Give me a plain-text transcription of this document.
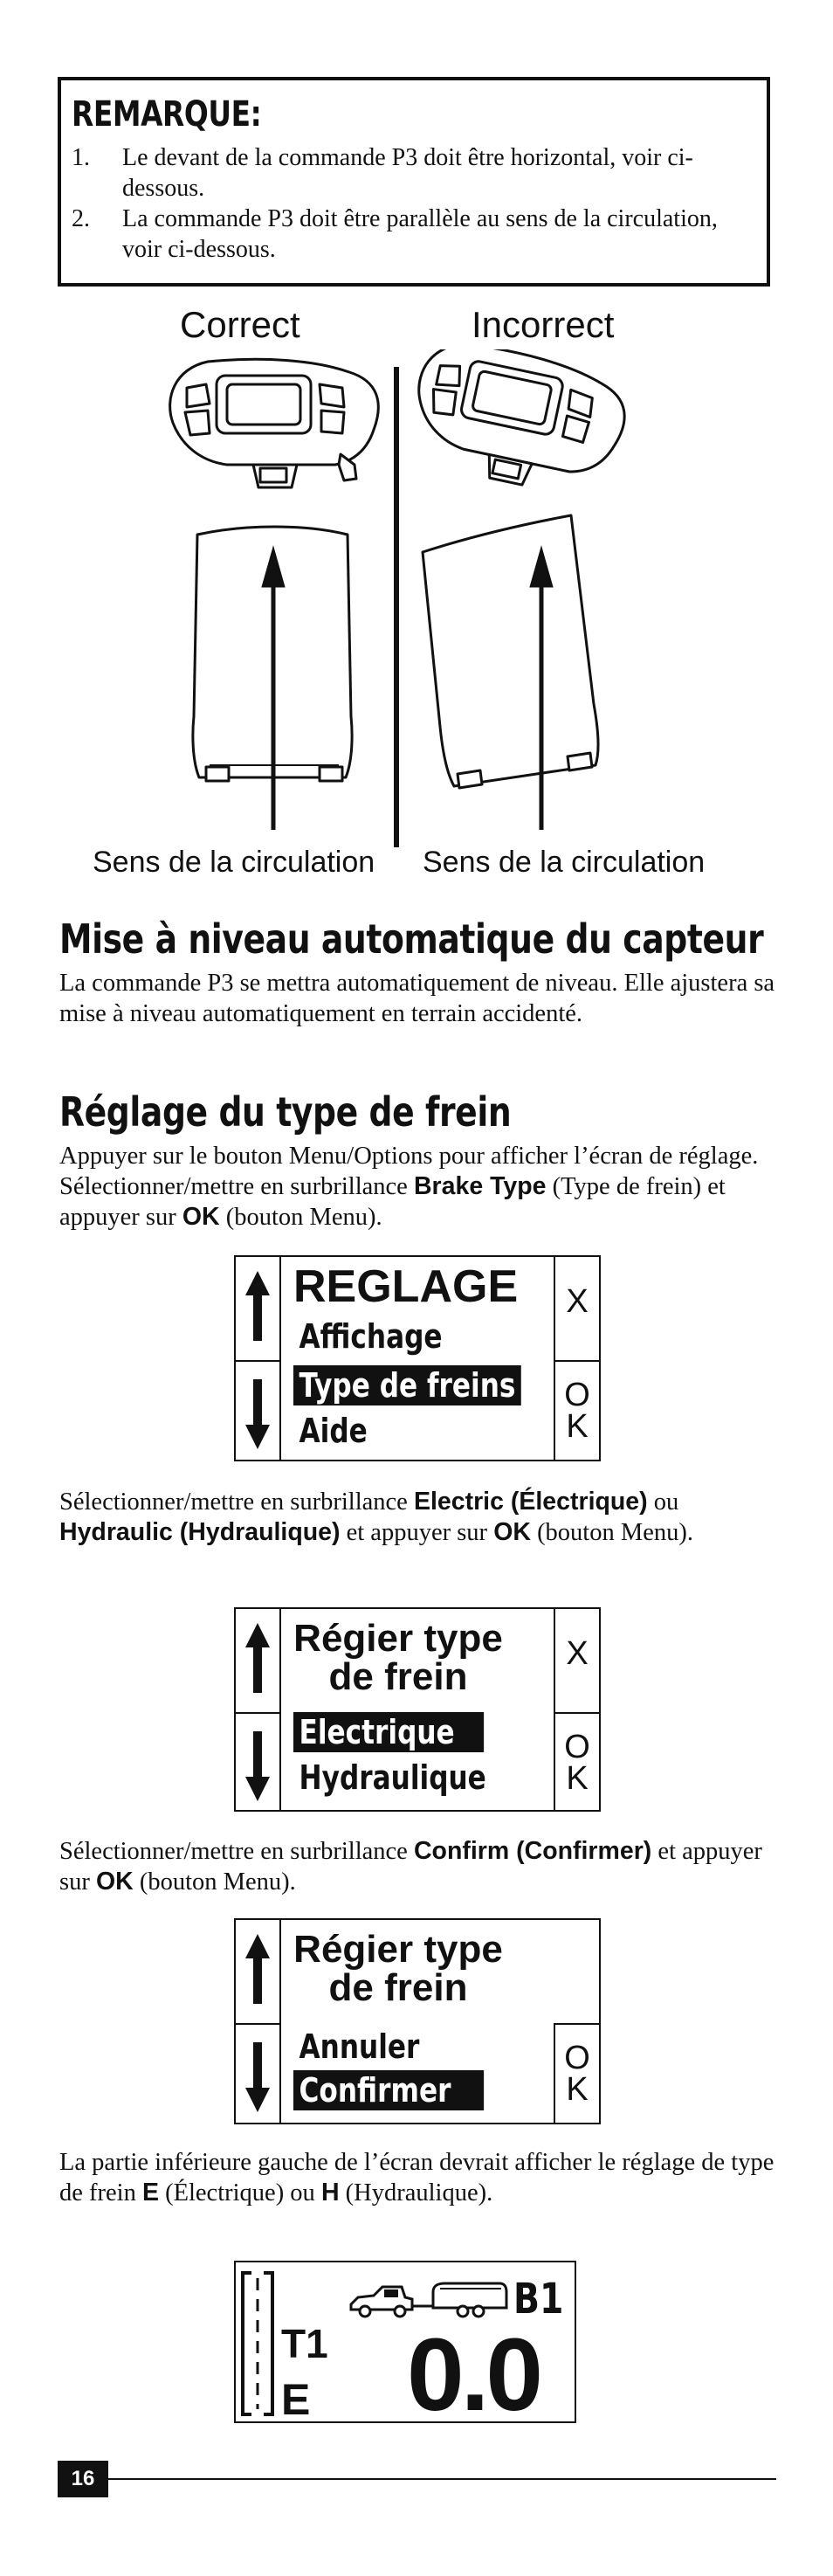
REMARQUE:
1.	Le devant de la commande P3 doit être horizontal, voir ci-dessous.
2.	La commande P3 doit être parallèle au sens de la circulation, voir ci-dessous.
Correct	Incorrect
Sens de la circulation Sens de la circulation
Mise à niveau automatique du capteur
La commande P3 se mettra automatiquement de niveau. Elle ajustera sa mise à niveau automatiquement en terrain accidenté.
Réglage du type de frein
Appuyer sur le bouton Menu/Options pour afficher l’écran de réglage. Sélectionner/mettre en surbrillance Brake Type (Type de frein) et appuyer sur OK (bouton Menu).
X
O
K
REGLAGE
Affichage
Type de freins
Aide
Sélectionner/mettre en surbrillance Electric (Électrique) ou Hydraulic (Hydraulique) et appuyer sur OK (bouton Menu).
X
O
K
Régier type
de frein
Electrique
Hydraulique
Sélectionner/mettre en surbrillance Confirm (Confirmer) et appuyer sur OK (bouton Menu).
O
K
Régier type
de frein
Annuler
Confirmer
La partie inférieure gauche de l’écran devrait afficher le réglage de type de frein E (Électrique) ou H (Hydraulique).
T1
E
B1
0.0
16
